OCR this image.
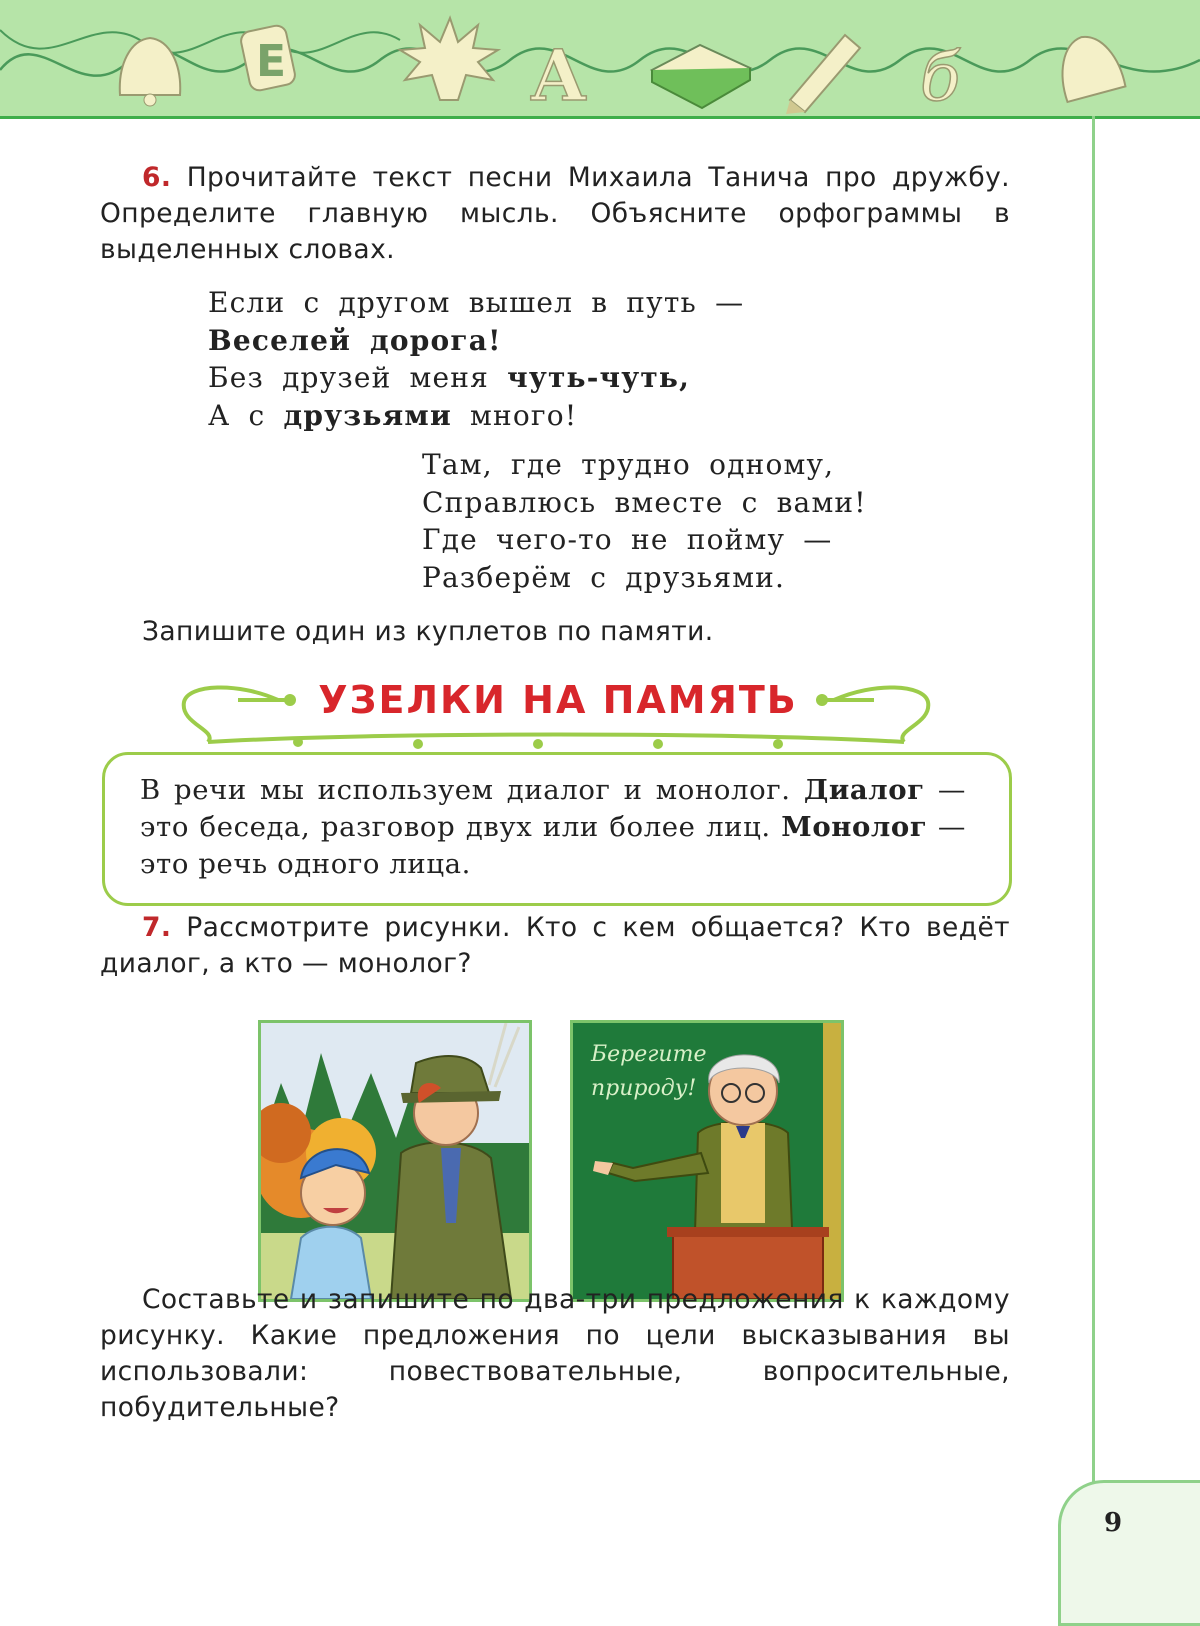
Е	А	б
6. Прочитайте текст песни Михаила Танича про дружбу. Определите главную мысль. Объясните орфограммы в выделенных словах.
Если с другом вышел в путь —
Веселей дорога!
Без друзей меня чуть-чуть,
А с друзьями много!
Там, где трудно одному,
Справлюсь вместе с вами!
Где чего-то не пойму —
Разберём с друзьями.
Запишите один из куплетов по памяти.
УЗЕЛКИ НА ПАМЯТЬ
В речи мы используем диалог и монолог. Диалог — это беседа, разговор двух или более лиц. Монолог — это речь одного лица.
7. Рассмотрите рисунки. Кто с кем общается? Кто ведёт диалог, а кто — монолог?
Берегите
природу!
Составьте и запишите по два-три предложения к каждому рисунку. Какие предложения по цели высказывания вы использовали: повествовательные, вопросительные, побудительные?
9
